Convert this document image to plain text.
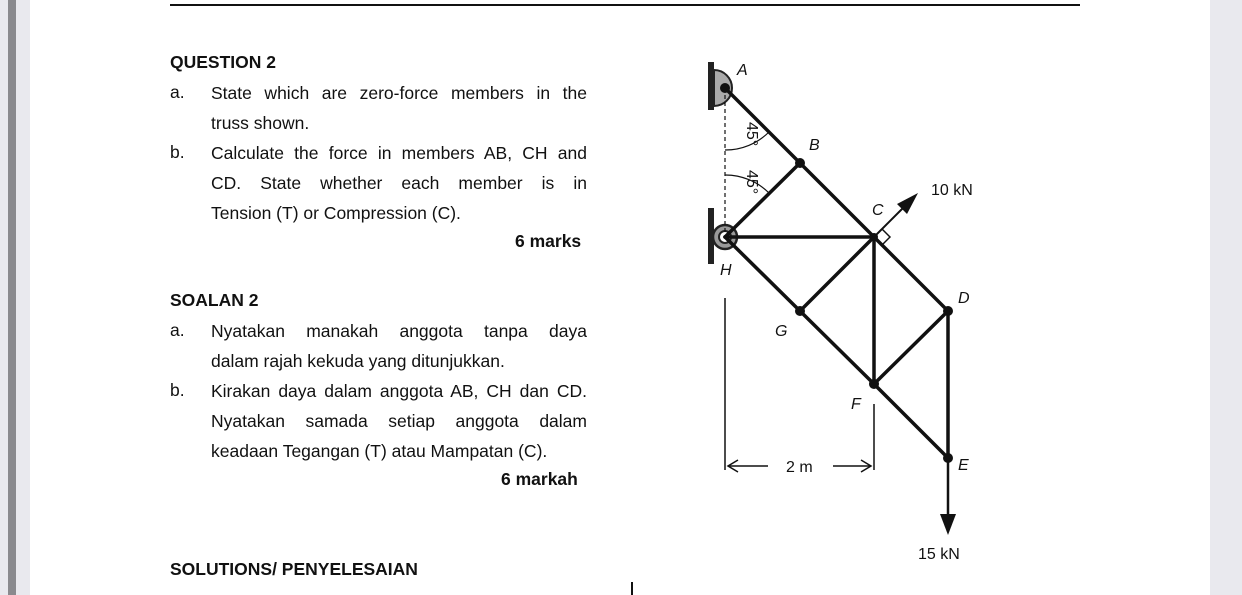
QUESTION 2
a. State which are zero-force members in the
truss shown.
b. Calculate the force in members AB, CH and
CD. State whether each member is in
Tension (T) or Compression (C).
6 marks
SOALAN 2
a. Nyatakan manakah anggota tanpa daya
dalam rajah kekuda yang ditunjukkan.
b. Kirakan daya dalam anggota AB, CH dan CD.
Nyatakan samada setiap anggota dalam
keadaan Tegangan (T) atau Mampatan (C).
6 markah
SOLUTIONS/ PENYELESAIAN
A
B
C
D
E
F
G
H
45°
45°	10 kN
15 kN
2 m
